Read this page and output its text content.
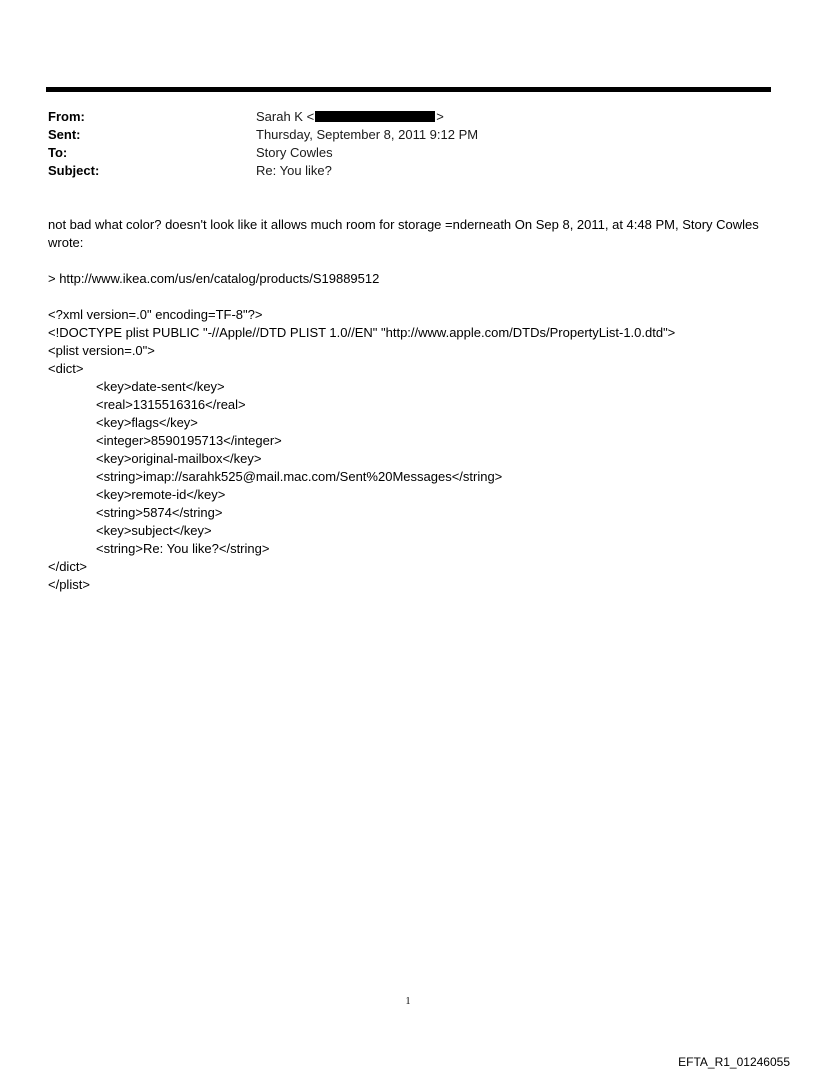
From:	Sarah K <	>
Sent:	Thursday, September 8, 2011 9:12 PM
To:	Story Cowles
Subject:	Re: You like?

not bad what color? doesn't look like it allows much room for storage =nderneath On Sep 8, 2011, at 4:48 PM, Story Cowles wrote:

> http://www.ikea.com/us/en/catalog/products/S19889512

<?xml version=.0" encoding=TF-8"?>
<!DOCTYPE plist PUBLIC "-//Apple//DTD PLIST 1.0//EN" "http://www.apple.com/DTDs/PropertyList-1.0.dtd">
<plist version=.0">
<dict>
<key>date-sent</key>
<real>1315516316</real>
<key>flags</key>
<integer>8590195713</integer>
<key>original-mailbox</key>
<string>imap://sarahk525@mail.mac.com/Sent%20Messages</string>
<key>remote-id</key>
<string>5874</string>
<key>subject</key>
<string>Re: You like?</string>
</dict>
</plist>
1
EFTA_R1_01246055
